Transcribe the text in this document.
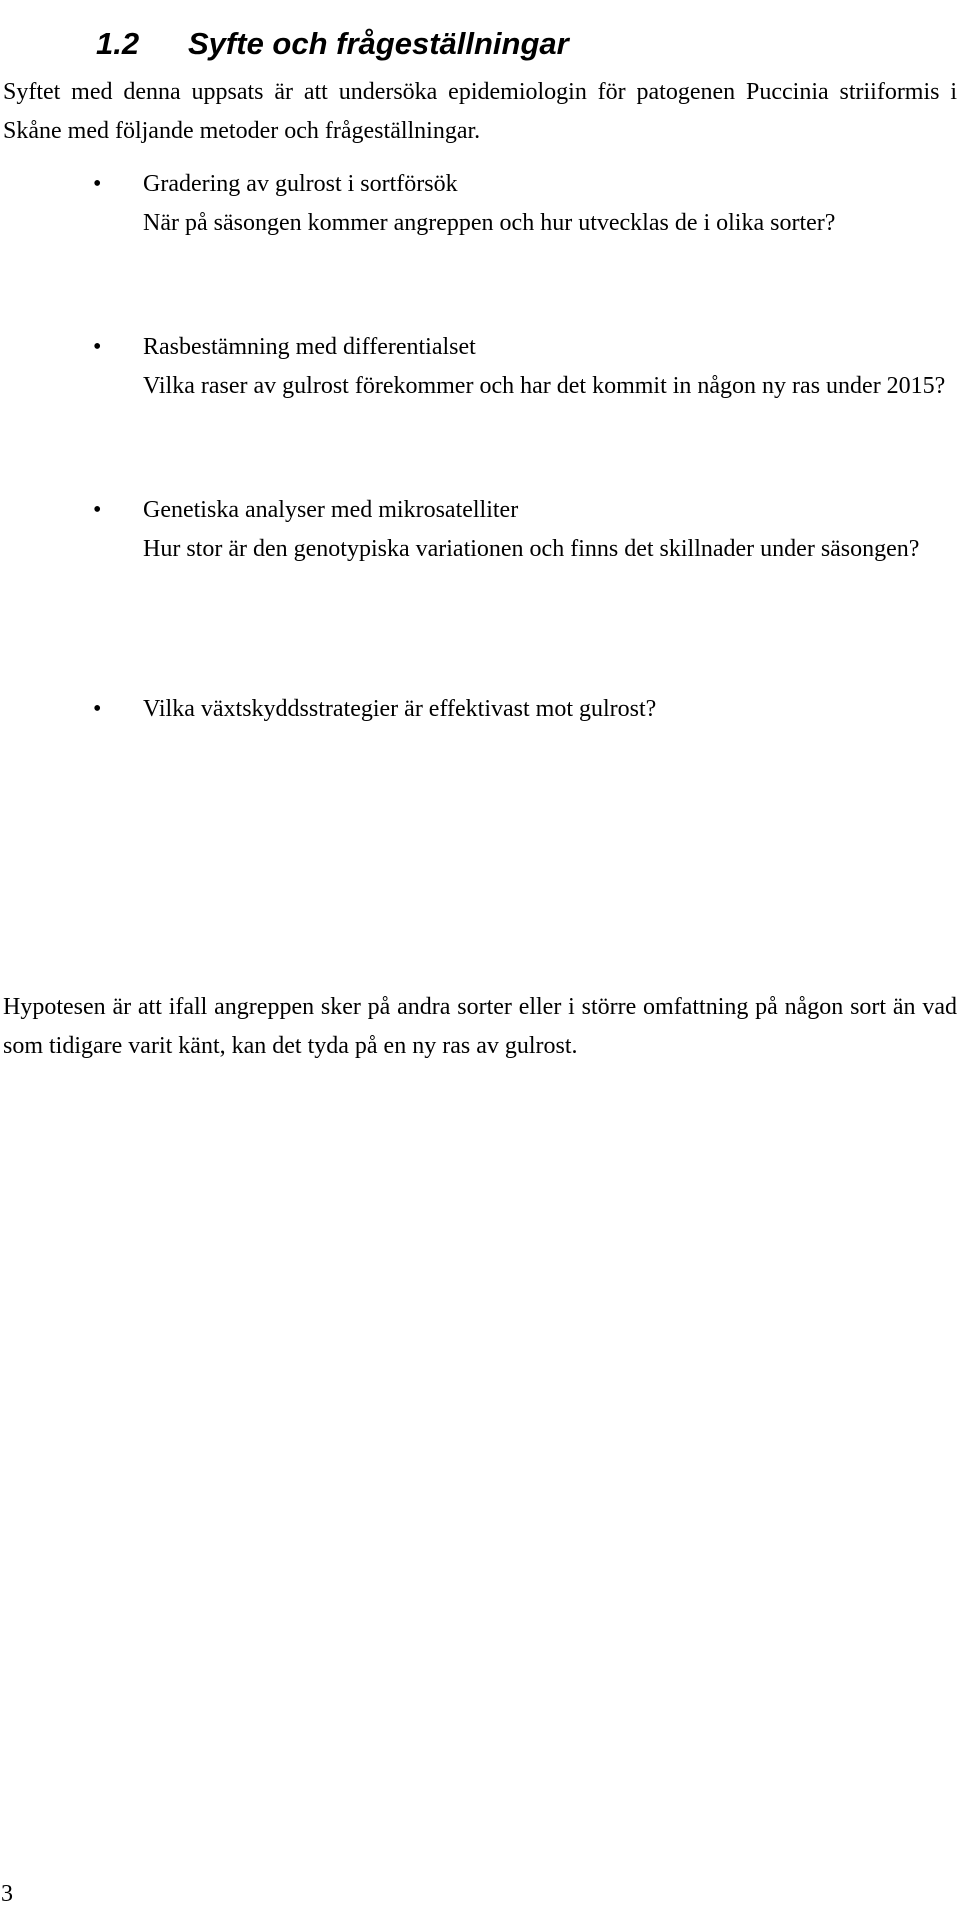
1.2 Syfte och frågeställningar

Syftet med denna uppsats är att undersöka epidemiologin för patogenen Puccinia striiformis i Skåne med följande metoder och frågeställningar.

• Gradering av gulrost i sortförsök
När på säsongen kommer angreppen och hur utvecklas de i olika sorter?
• Rasbestämning med differentialset
Vilka raser av gulrost förekommer och har det kommit in någon ny ras under 2015?
• Genetiska analyser med mikrosatelliter
Hur stor är den genotypiska variationen och finns det skillnader under säsongen?
• Vilka växtskyddsstrategier är effektivast mot gulrost?

Hypotesen är att ifall angreppen sker på andra sorter eller i större omfattning på någon sort än vad som tidigare varit känt, kan det tyda på en ny ras av gulrost.

3
